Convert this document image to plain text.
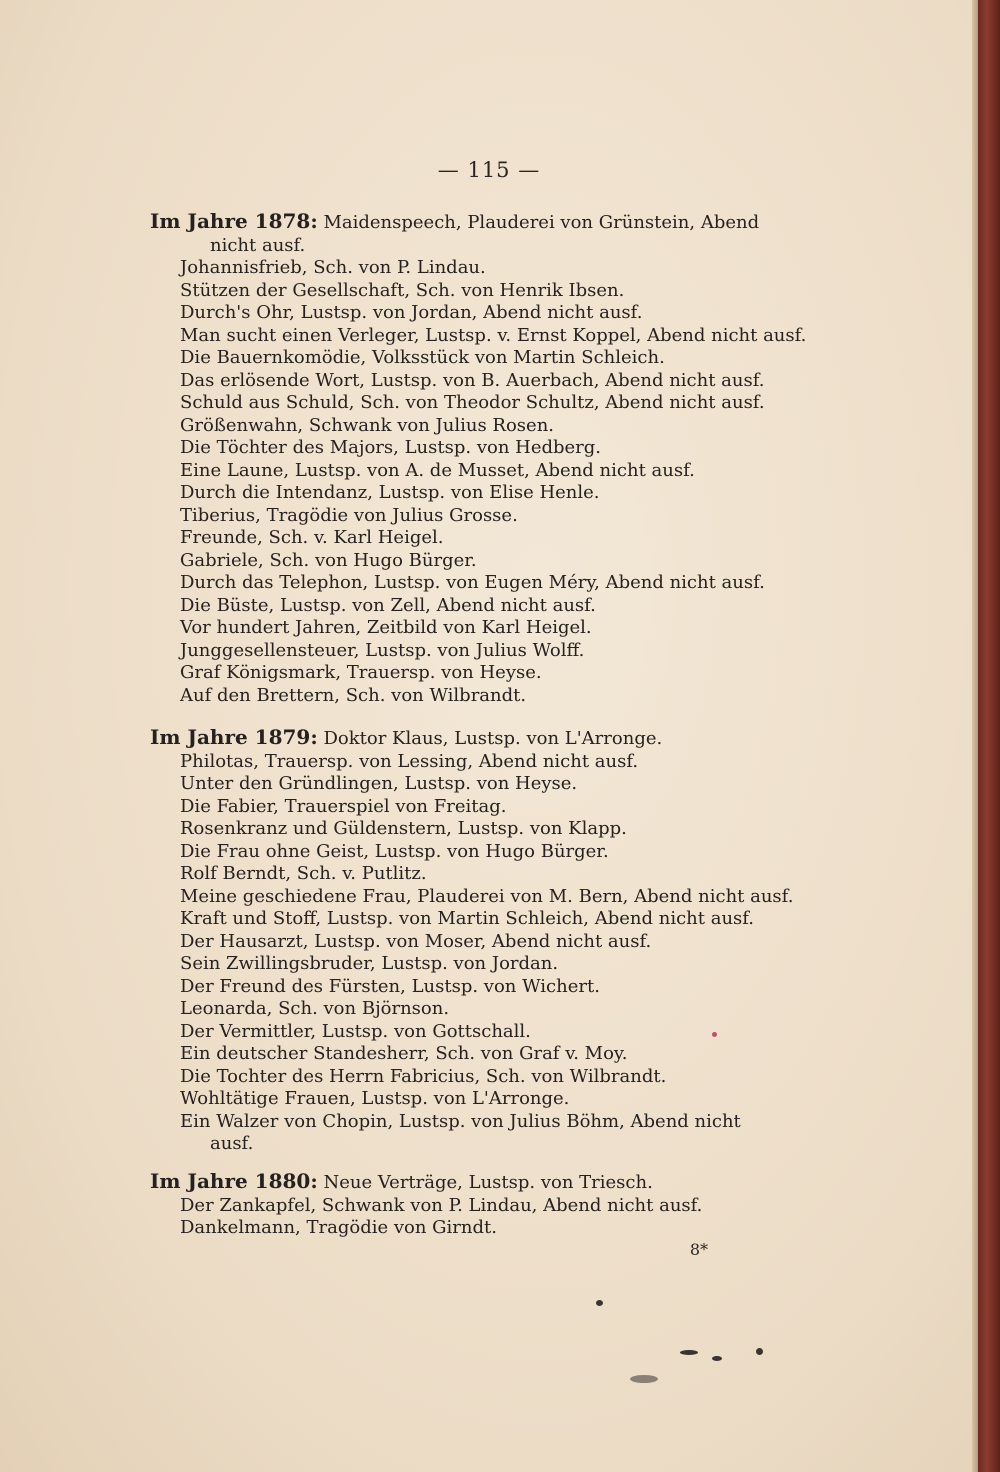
— 115 —
Im Jahre 1878: Maidenspeech, Plauderei von Grünstein, Abend
nicht ausf.
Johannisfrieb, Sch. von P. Lindau.
Stützen der Gesellschaft, Sch. von Henrik Ibsen.
Durch's Ohr, Lustsp. von Jordan, Abend nicht ausf.
Man sucht einen Verleger, Lustsp. v. Ernst Koppel, Abend nicht ausf.
Die Bauernkomödie, Volksstück von Martin Schleich.
Das erlösende Wort, Lustsp. von B. Auerbach, Abend nicht ausf.
Schuld aus Schuld, Sch. von Theodor Schultz, Abend nicht ausf.
Größenwahn, Schwank von Julius Rosen.
Die Töchter des Majors, Lustsp. von Hedberg.
Eine Laune, Lustsp. von A. de Musset, Abend nicht ausf.
Durch die Intendanz, Lustsp. von Elise Henle.
Tiberius, Tragödie von Julius Grosse.
Freunde, Sch. v. Karl Heigel.
Gabriele, Sch. von Hugo Bürger.
Durch das Telephon, Lustsp. von Eugen Méry, Abend nicht ausf.
Die Büste, Lustsp. von Zell, Abend nicht ausf.
Vor hundert Jahren, Zeitbild von Karl Heigel.
Junggesellensteuer, Lustsp. von Julius Wolff.
Graf Königsmark, Trauersp. von Heyse.
Auf den Brettern, Sch. von Wilbrandt.
Im Jahre 1879: Doktor Klaus, Lustsp. von L'Arronge.
Philotas, Trauersp. von Lessing, Abend nicht ausf.
Unter den Gründlingen, Lustsp. von Heyse.
Die Fabier, Trauerspiel von Freitag.
Rosenkranz und Güldenstern, Lustsp. von Klapp.
Die Frau ohne Geist, Lustsp. von Hugo Bürger.
Rolf Berndt, Sch. v. Putlitz.
Meine geschiedene Frau, Plauderei von M. Bern, Abend nicht ausf.
Kraft und Stoff, Lustsp. von Martin Schleich, Abend nicht ausf.
Der Hausarzt, Lustsp. von Moser, Abend nicht ausf.
Sein Zwillingsbruder, Lustsp. von Jordan.
Der Freund des Fürsten, Lustsp. von Wichert.
Leonarda, Sch. von Björnson.
Der Vermittler, Lustsp. von Gottschall.
Ein deutscher Standesherr, Sch. von Graf v. Moy.
Die Tochter des Herrn Fabricius, Sch. von Wilbrandt.
Wohltätige Frauen, Lustsp. von L'Arronge.
Ein Walzer von Chopin, Lustsp. von Julius Böhm, Abend nicht
ausf.
Im Jahre 1880: Neue Verträge, Lustsp. von Triesch.
Der Zankapfel, Schwank von P. Lindau, Abend nicht ausf.
Dankelmann, Tragödie von Girndt.
8*
